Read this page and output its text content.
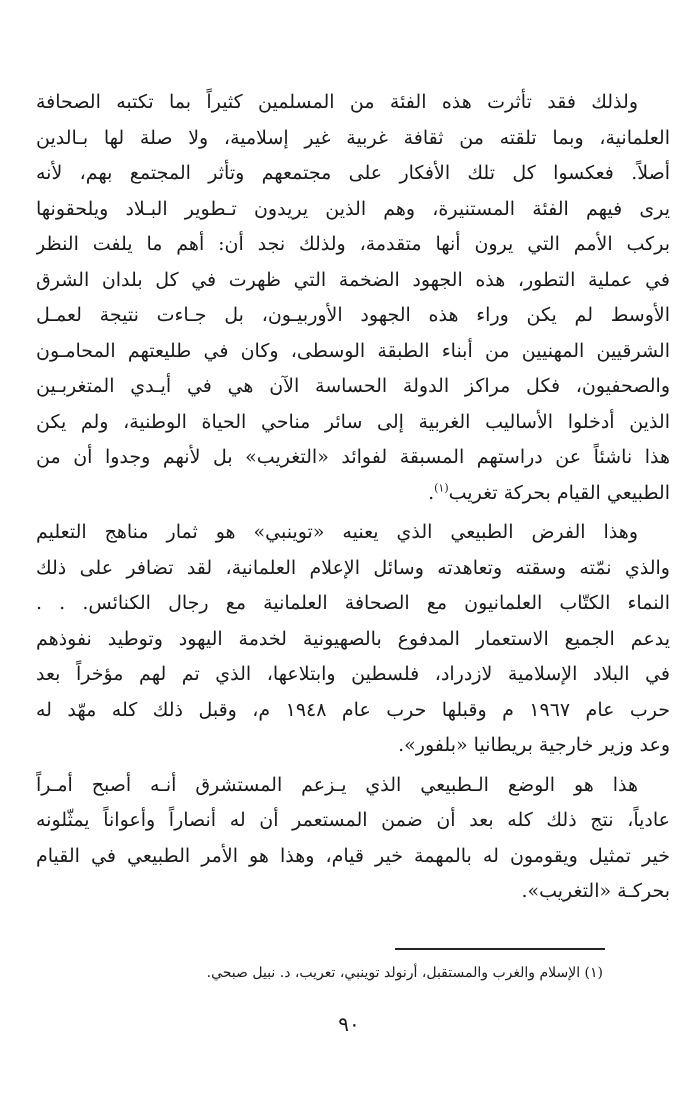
ولذلك فقد تأثرت هذه الفئة من المسلمين كثيراً بما تكتبه الصحافة
العلمانية، وبما تلقته من ثقافة غربية غير إسلامية، ولا صلة لها بـالدين
أصلاً. فعكسوا كل تلك الأفكار على مجتمعهم وتأثر المجتمع بهم، لأنه
يرى فيهم الفئة المستنيرة، وهم الذين يريدون تـطوير البـلاد ويلحقونها
بركب الأمم التي يرون أنها متقدمة، ولذلك نجد أن: أهم ما يلفت النظر
في عملية التطور، هذه الجهود الضخمة التي ظهرت في كل بلدان الشرق
الأوسط لم يكن وراء هذه الجهود الأوربيـون، بل جـاءت نتيجة لعمـل
الشرقيين المهنيين من أبناء الطبقة الوسطى، وكان في طليعتهم المحامـون
والصحفيون، فكل مراكز الدولة الحساسة الآن هي في أيـدي المتغربـين
الذين أدخلوا الأساليب الغربية إلى سائر مناحي الحياة الوطنية، ولم يكن
هذا ناشئاً عن دراستهم المسبقة لفوائد «التغريب» بل لأنهم وجدوا أن من
الطبيعي القيام بحركة تغريب$^{(١)}$.
وهذا الفرض الطبيعي الذي يعنيه «توينبي» هو ثمار مناهج التعليم
والذي نمّته وسقته وتعاهدته وسائل الإعلام العلمانية، لقد تضافر على ذلك
النماء الكتّاب العلمانيون مع الصحافة العلمانية مع رجال الكنائس. . .
يدعم الجميع الاستعمار المدفوع بالصهيونية لخدمة اليهود وتوطيد نفوذهم
في البلاد الإسلامية لازدراد، فلسطين وابتلاعها، الذي تم لهم مؤخراً بعد
حرب عام ١٩٦٧ م وقبلها حرب عام ١٩٤٨ م، وقبل ذلك كله مهّد له
وعد وزير خارجية بريطانيا «بلفور».
هذا هو الوضع الـطبيعي الذي يـزعم المستشرق أنـه أصبح أمـراً
عادياً، نتج ذلك كله بعد أن ضمن المستعمر أن له أنصاراً وأعواناً يمثّلونه
خير تمثيل ويقومون له بالمهمة خير قيام، وهذا هو الأمر الطبيعي في القيام
بحركـة «التغريب».
(١) الإسلام والغرب والمستقبل، أرنولد توينبي، تعريب، د. نبيل صبحي.
٩٠
